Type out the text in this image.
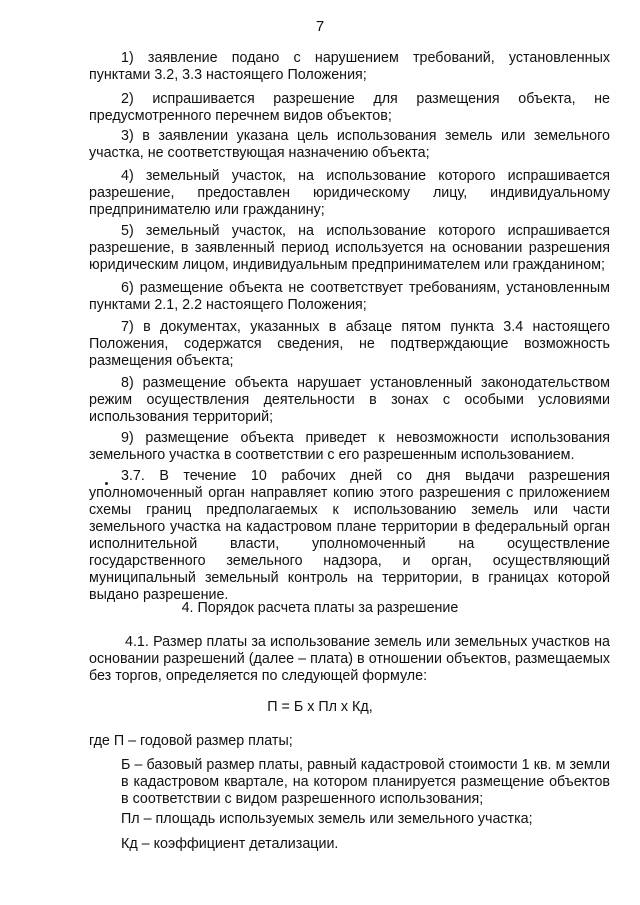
7
1) заявление подано с нарушением требований, установленных пунктами 3.2, 3.3 настоящего Положения;
2) испрашивается разрешение для размещения объекта, не предусмотренного перечнем видов объектов;
3) в заявлении указана цель использования земель или земельного участка, не соответствующая назначению объекта;
4) земельный участок, на использование которого испрашивается разрешение, предоставлен юридическому лицу, индивидуальному предпринимателю или гражданину;
5) земельный участок, на использование которого испрашивается разрешение, в заявленный период используется на основании разрешения юридическим лицом, индивидуальным предпринимателем или гражданином;
6) размещение объекта не соответствует требованиям, установленным пунктами 2.1, 2.2 настоящего Положения;
7) в документах, указанных в абзаце пятом пункта 3.4 настоящего Положения, содержатся сведения, не подтверждающие возможность размещения объекта;
8) размещение объекта нарушает установленный законодательством режим осуществления деятельности в зонах с особыми условиями использования территорий;
9) размещение объекта приведет к невозможности использования земельного участка в соответствии с его разрешенным использованием.
3.7. В течение 10 рабочих дней со дня выдачи разрешения уполномоченный орган направляет копию этого разрешения с приложением схемы границ предполагаемых к использованию земель или части земельного участка на кадастровом плане территории в федеральный орган исполнительной власти, уполномоченный на осуществление государственного земельного надзора, и орган, осуществляющий муниципальный земельный контроль на территории, в границах которой выдано разрешение.
4. Порядок расчета платы за разрешение
4.1. Размер платы за использование земель или земельных участков на основании разрешений (далее – плата) в отношении объектов, размещаемых без торгов, определяется по следующей формуле:
П = Б х Пл х Кд,
где П – годовой размер платы;
Б – базовый размер платы, равный кадастровой стоимости 1 кв. м земли в кадастровом квартале, на котором планируется размещение объектов в соответствии с видом разрешенного использования;
Пл – площадь используемых земель или земельного участка;
Кд – коэффициент детализации.
